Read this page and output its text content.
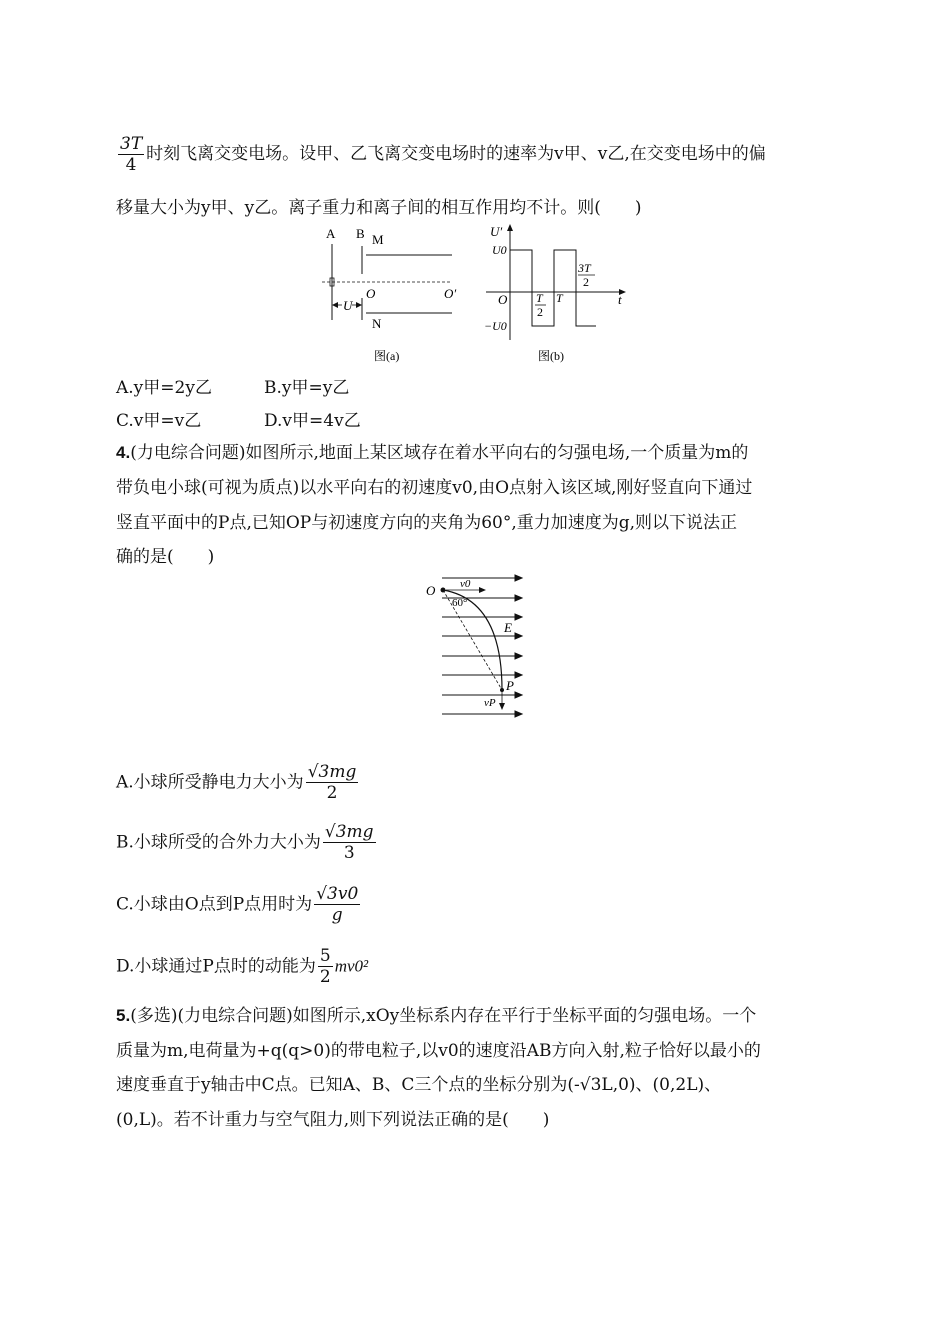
$\frac{3T}{4}$ 时刻飞离交变电场。设甲、乙飞离交变电场时的速率为v甲、v乙,在交变电场中的偏
移量大小为y甲、y乙。离子重力和离子间的相互作用均不计。则(　　)
A B M
O	O′
U
N
图(a)
U′
t
U0
−U0
O T
2
T
3T
2
图(b)
A.y甲=2y乙	B.y甲=y乙
C.v甲=v乙	D.v甲=4v乙
4.(力电综合问题)如图所示,地面上某区域存在着水平向右的匀强电场,一个质量为m的
带负电小球(可视为质点)以水平向右的初速度v0,由O点射入该区域,刚好竖直向下通过
竖直平面中的P点,已知OP与初速度方向的夹角为60°,重力加速度为g,则以下说法正
确的是(　　)
O v0
60°
E
P
vP
A.小球所受静电力大小为 $\frac{√3mg}{2}$
B.小球所受的合外力大小为 $\frac{√3mg}{3}$
C.小球由O点到P点用时为 $\frac{√3v0}{g}$
D.小球通过P点时的动能为 $\frac{5}{2} mv0^2$
5.(多选)(力电综合问题)如图所示,xOy坐标系内存在平行于坐标平面的匀强电场。一个
质量为m,电荷量为+q(q>0)的带电粒子,以v0的速度沿AB方向入射,粒子恰好以最小的
速度垂直于y轴击中C点。已知A、B、C三个点的坐标分别为(-√3L,0)、(0,2L)、
(0,L)。若不计重力与空气阻力,则下列说法正确的是(　　)
